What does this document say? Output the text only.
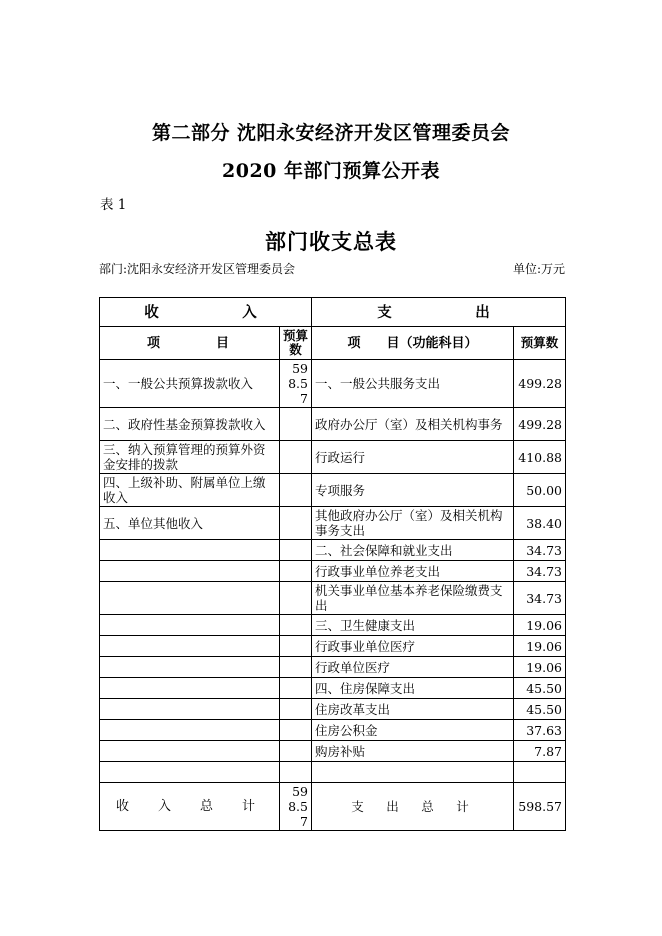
第二部分 沈阳永安经济开发区管理委员会
2020 年部门预算公开表
表 1
部门收支总表
部门:沈阳永安经济开发区管理委员会	单位:万元
收　　　入		支　　　出	
项　　目	预算数	项　　目（功能科目）	预算数
一、一般公共预算拨款收入	598.57	一、一般公共服务支出	499.28
二、政府性基金预算拨款收入		政府办公厅（室）及相关机构事务	499.28
三、纳入预算管理的预算外资金安排的拨款		行政运行	410.88
四、上级补助、附属单位上缴收入		专项服务	50.00
五、单位其他收入		其他政府办公厅（室）及相关机构事务支出	38.40
		二、社会保障和就业支出	34.73
		行政事业单位养老支出	34.73
		机关事业单位基本养老保险缴费支出	34.73
		三、卫生健康支出	19.06
		行政事业单位医疗	19.06
		行政单位医疗	19.06
		四、住房保障支出	45.50
		住房改革支出	45.50
		住房公积金	37.63
		购房补贴	7.87

收　入　总　计	598.57	支　出　总　计	598.57
